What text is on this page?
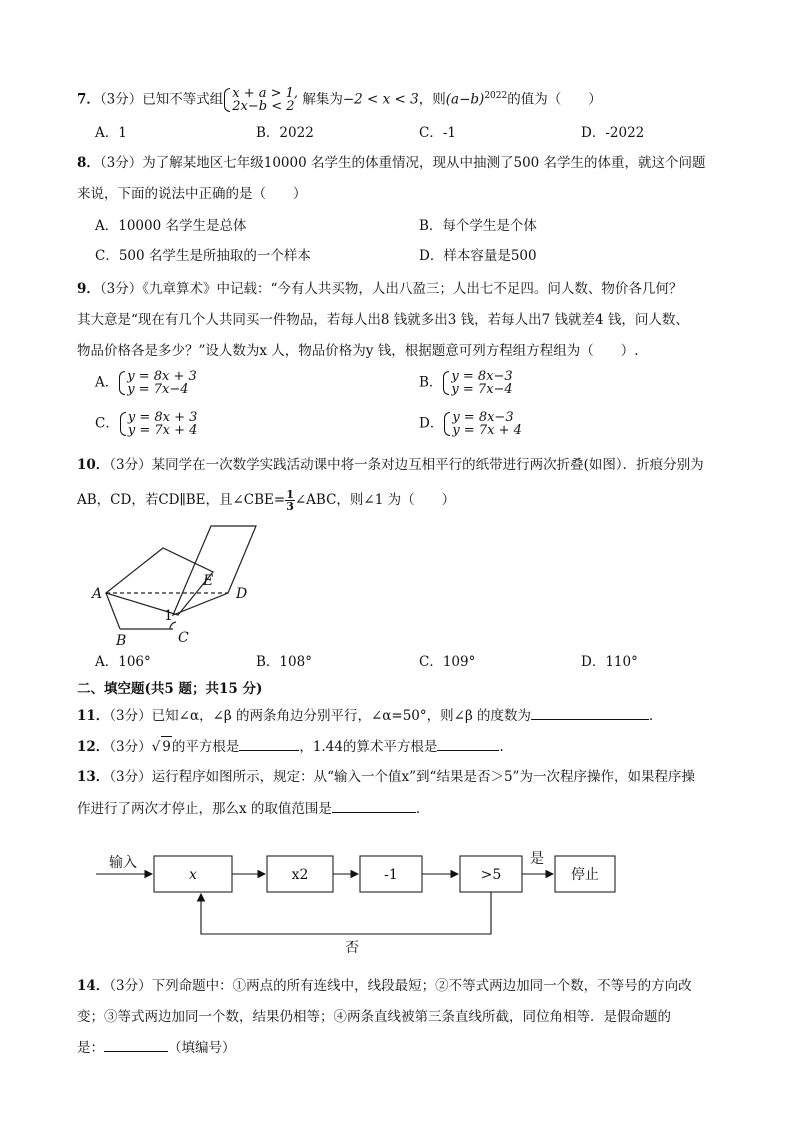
7．（3分）已知不等式组 x + a > 1,
2x−b < 2 解集为−2 < x < 3，则$(a-b)^{2022}$的值为（　　）
A．1	B．2022	C．-1	D．-2022
8．（3分）为了解某地区七年级10000 名学生的体重情况，现从中抽测了500 名学生的体重，就这个问题
来说，下面的说法中正确的是（　　）
A．10000 名学生是总体	B．每个学生是个体
C．500 名学生是所抽取的一个样本	D．样本容量是500
9．（3分）《九章算术》中记载：“今有人共买物，人出八盈三；人出七不足四。问人数、物价各几何？
其大意是“现在有几个人共同买一件物品，若每人出8 钱就多出3 钱，若每人出7 钱就差4 钱，问人数、
物品价格各是多少？”设人数为x 人，物品价格为y 钱，根据题意可列方程组方程组为（　　）.
A． y = 8x + 3
y = 7x−4	B． y = 8x−3
y = 7x−4
C． y = 8x + 3
y = 7x + 4	D． y = 8x−3
y = 7x + 4
10．（3分）某同学在一次数学实践活动课中将一条对边互相平行的纸带进行两次折叠(如图）．折痕分别为
AB，CD，若CD∥BE，且∠CBE= $\frac{1}{3}$ ∠ABC，则∠1 为（　　）
A
B	C
D
E
1
A．106°	B．108°	C．109°	D．110°
二、填空题(共5 题；共15 分)
11．（3分）已知∠α，∠β 的两条角边分别平行，∠α=50°，则∠β 的度数为	．
12．（3分）√ 9的平方根是	，1.44的算术平方根是	.
13．（3分）运行程序如图所示，规定：从“输入一个值x”到“结果是否＞5”为一次程序操作，如果程序操
作进行了两次才停止，那么x 的取值范围是	．
输入
x	x2	-1	>5
是
停止
否
14．（3分）下列命题中：①两点的所有连线中，线段最短；②不等式两边加同一个数，不等号的方向改
变；③等式两边加同一个数，结果仍相等；④两条直线被第三条直线所截，同位角相等．是假命题的
是：	（填编号）
